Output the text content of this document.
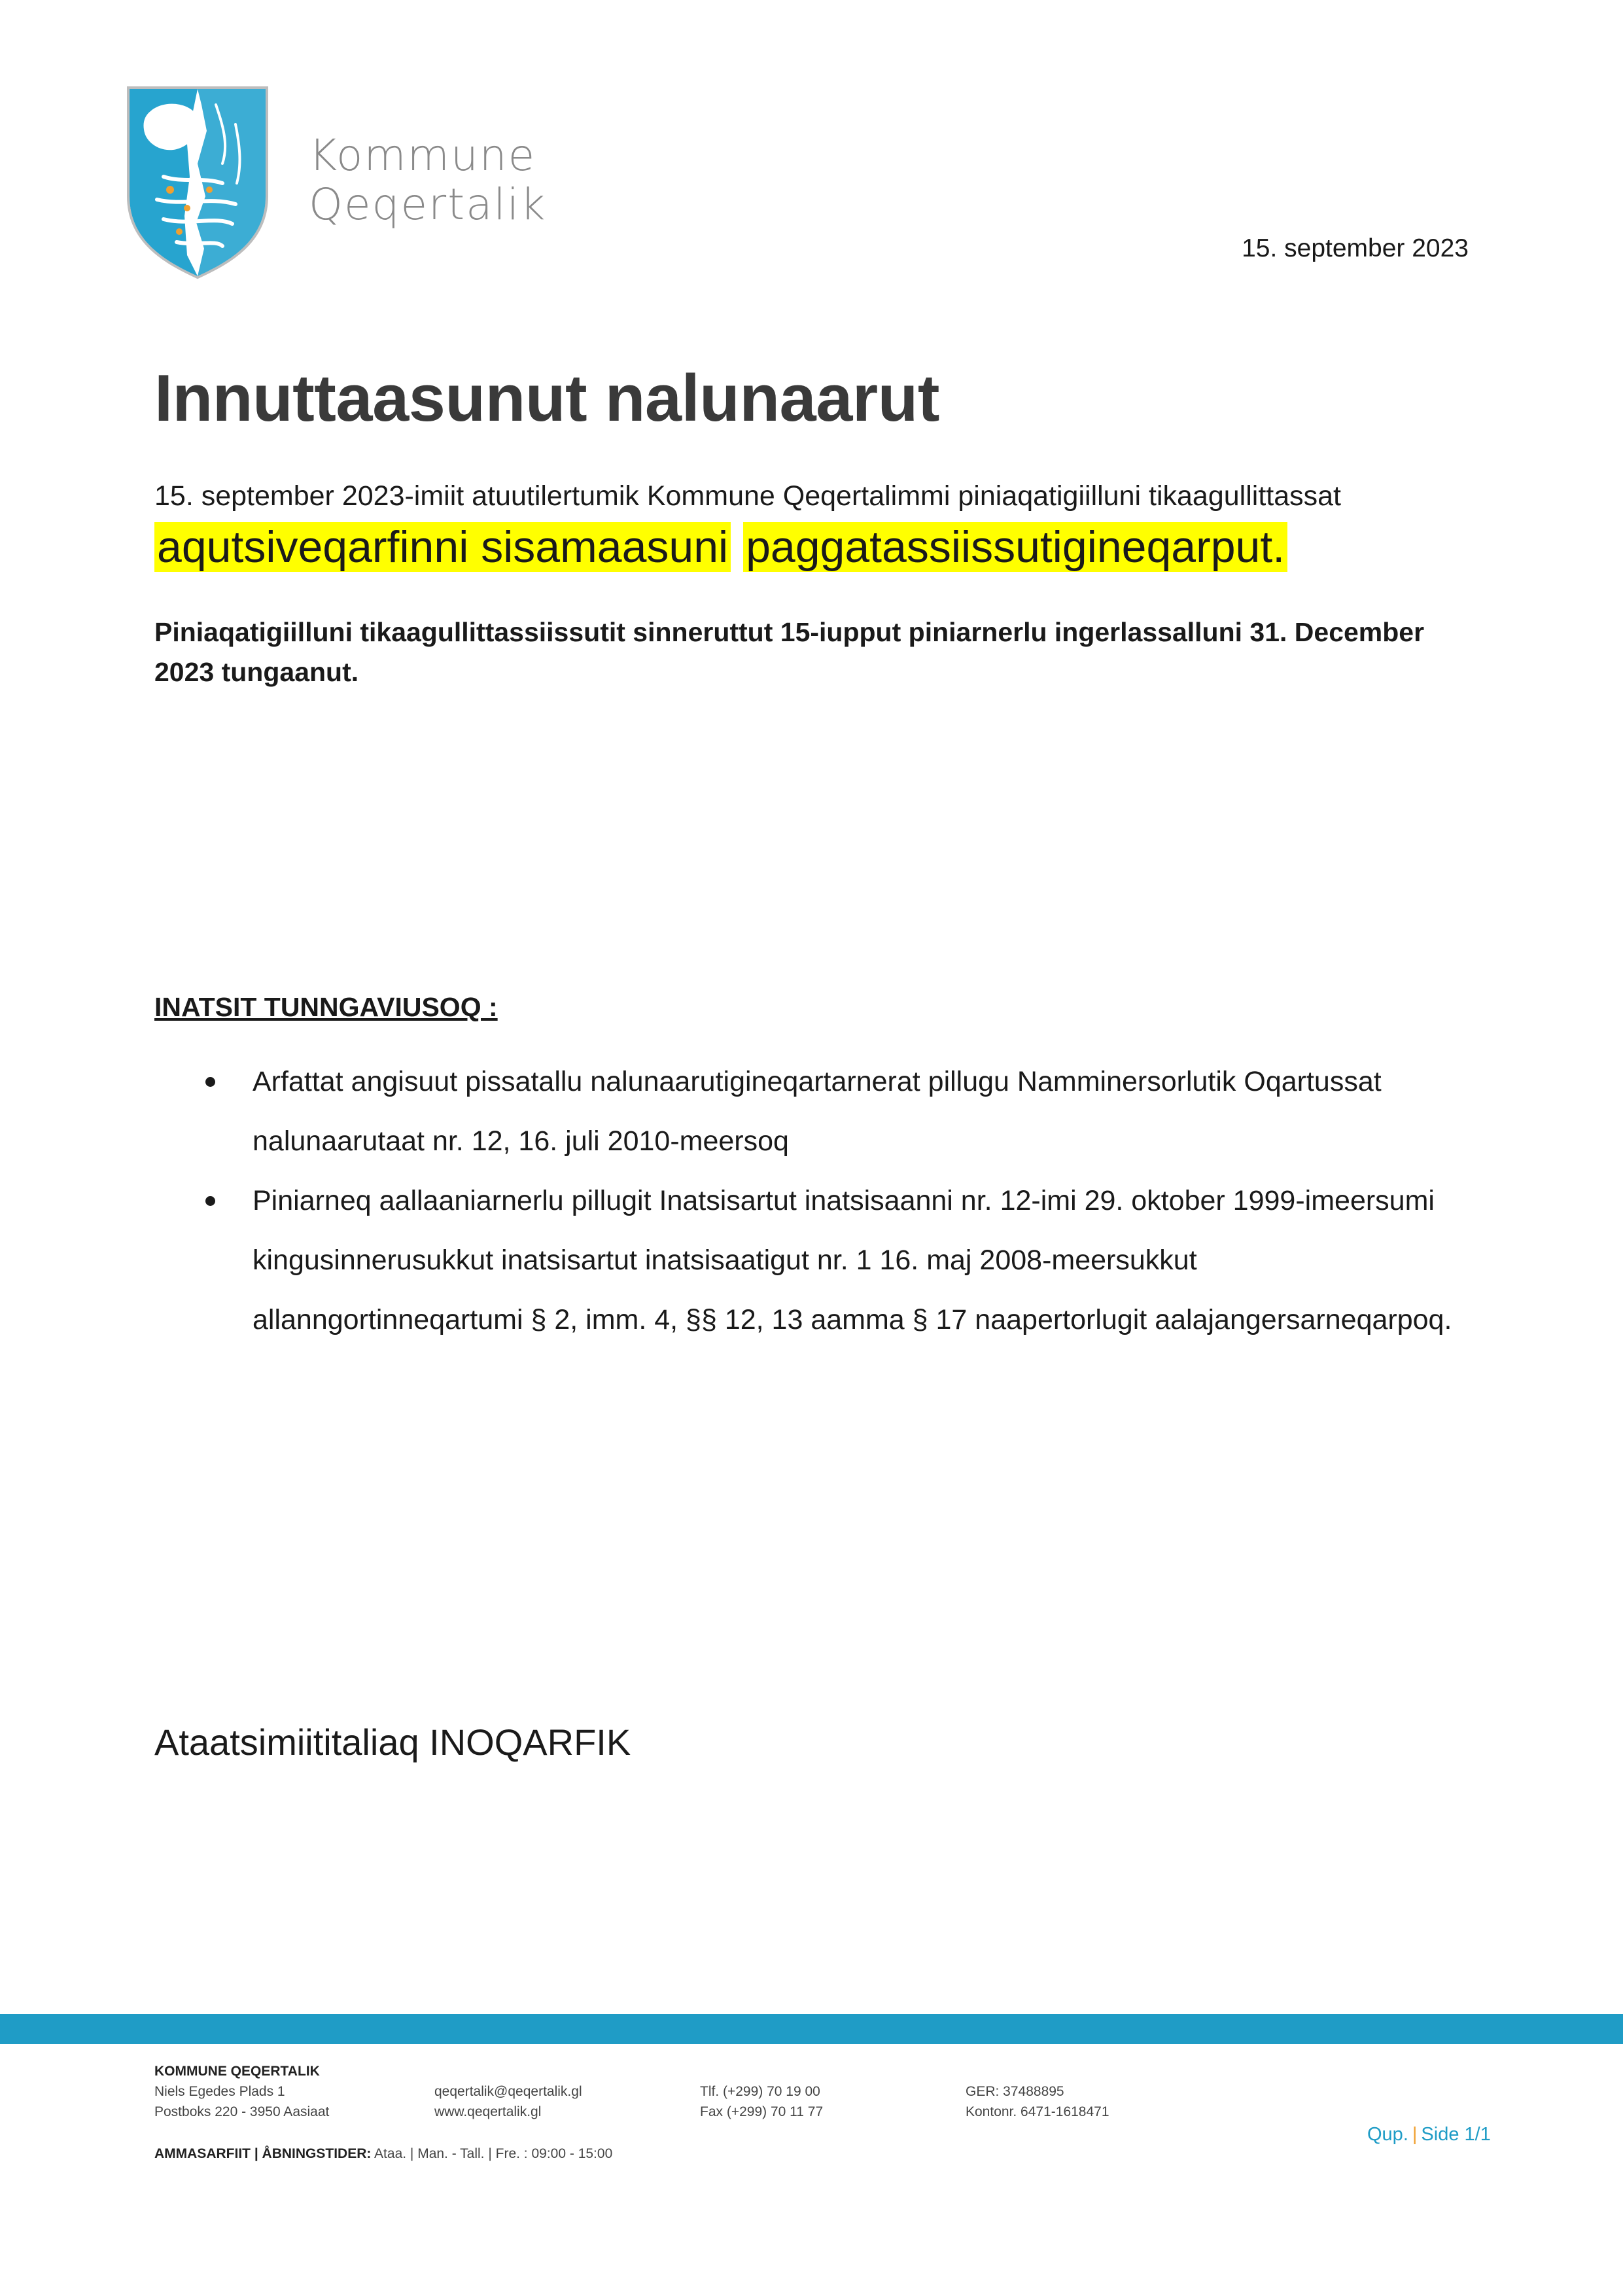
Kommune
Qeqertalik
15. september 2023
Innuttaasunut nalunaarut
15. september 2023-imiit atuutilertumik Kommune Qeqertalimmi piniaqatigiilluni tikaagullittassat
aqutsiveqarfinni sisamaasuni paggatassiissutigineqarput.
Piniaqatigiilluni tikaagullittassiissutit sinneruttut 15-iupput piniarnerlu ingerlassalluni 31. December 2023 tungaanut.
INATSIT TUNNGAVIUSOQ :
Arfattat angisuut pissatallu nalunaarutigineqartarnerat pillugu Namminersorlutik Oqartussat nalunaarutaat nr. 12, 16. juli 2010-meersoq
Piniarneq aallaaniarnerlu pillugit Inatsisartut inatsisaanni nr. 12-imi 29. oktober 1999-imeersumi kingusinnerusukkut inatsisartut inatsisaatigut nr. 1 16. maj 2008-meersukkut allanngortinneqartumi § 2, imm. 4, §§ 12, 13 aamma § 17 naapertorlugit aalajangersarneqarpoq.
Ataatsimiititaliaq INOQARFIK
KOMMUNE QEQERTALIK
Niels Egedes Plads 1
Postboks 220 - 3950 Aasiaat
qeqertalik@qeqertalik.gl
www.qeqertalik.gl
Tlf. (+299) 70 19 00
Fax (+299) 70 11 77
GER: 37488895
Kontonr. 6471-1618471
AMMASARFIIT | ÅBNINGSTIDER: Ataa. | Man. - Tall. | Fre. : 09:00 - 15:00
Qup. | Side 1/1
